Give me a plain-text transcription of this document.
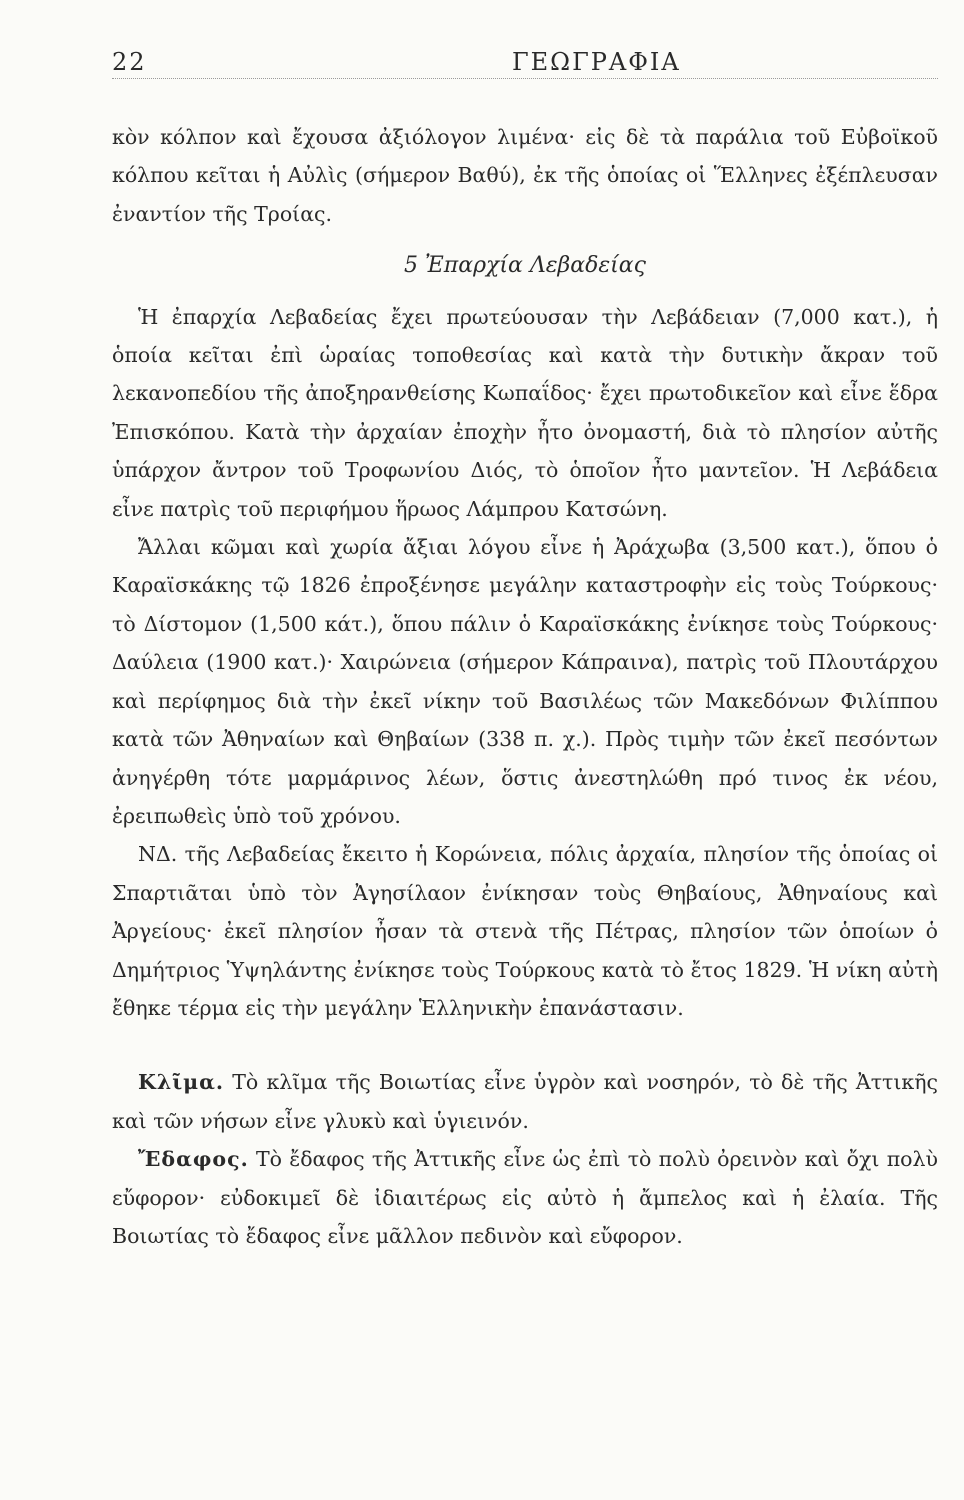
22	ΓΕΩΓΡΑΦΙΑ

κὸν κόλπον καὶ ἔχουσα ἀξιόλογον λιμένα· εἰς δὲ τὰ παράλια τοῦ Εὐβοϊκοῦ κόλπου κεῖται ἡ Αὐλὶς (σήμερον Βαθύ), ἐκ τῆς ὁποίας οἱ Ἕλληνες ἐξέπλευσαν ἐναντίον τῆς Τροίας.

5 Ἐπαρχία Λεβαδείας

Ἡ ἐπαρχία Λεβαδείας ἔχει πρωτεύουσαν τὴν Λεβάδειαν (7,000 κατ.), ἡ ὁποία κεῖται ἐπὶ ὡραίας τοποθεσίας καὶ κατὰ τὴν δυτικὴν ἄκραν τοῦ λεκανοπεδίου τῆς ἀποξηρανθείσης Κωπαΐδος· ἔχει πρωτοδικεῖον καὶ εἶνε ἕδρα Ἐπισκόπου. Κατὰ τὴν ἀρχαίαν ἐποχὴν ἦτο ὀνομαστή, διὰ τὸ πλησίον αὐτῆς ὑπάρχον ἄντρον τοῦ Τροφωνίου Διός, τὸ ὁποῖον ἦτο μαντεῖον. Ἡ Λεβάδεια εἶνε πατρὶς τοῦ περιφήμου ἥρωος Λάμπρου Κατσώνη.

Ἄλλαι κῶμαι καὶ χωρία ἄξιαι λόγου εἶνε ἡ Ἀράχωβα (3,500 κατ.), ὅπου ὁ Καραϊσκάκης τῷ 1826 ἐπροξένησε μεγάλην καταστροφὴν εἰς τοὺς Τούρκους· τὸ Δίστομον (1,500 κάτ.), ὅπου πάλιν ὁ Καραϊσκάκης ἐνίκησε τοὺς Τούρκους· Δαύλεια (1900 κατ.)· Χαιρώνεια (σήμερον Κάπραινα), πατρὶς τοῦ Πλουτάρχου καὶ περίφημος διὰ τὴν ἐκεῖ νίκην τοῦ Βασιλέως τῶν Μακεδόνων Φιλίππου κατὰ τῶν Ἀθηναίων καὶ Θηβαίων (338 π. χ.). Πρὸς τιμὴν τῶν ἐκεῖ πεσόντων ἀνηγέρθη τότε μαρμάρινος λέων, ὅστις ἀνεστηλώθη πρό τινος ἐκ νέου, ἐρειπωθεὶς ὑπὸ τοῦ χρόνου.

ΝΔ. τῆς Λεβαδείας ἔκειτο ἡ Κορώνεια, πόλις ἀρχαία, πλησίον τῆς ὁποίας οἱ Σπαρτιᾶται ὑπὸ τὸν Ἀγησίλαον ἐνίκησαν τοὺς Θηβαίους, Ἀθηναίους καὶ Ἀργείους· ἐκεῖ πλησίον ἦσαν τὰ στενὰ τῆς Πέτρας, πλησίον τῶν ὁποίων ὁ Δημήτριος Ὑψηλάντης ἐνίκησε τοὺς Τούρκους κατὰ τὸ ἔτος 1829. Ἡ νίκη αὐτὴ ἔθηκε τέρμα εἰς τὴν μεγάλην Ἑλληνικὴν ἐπανάστασιν.

Κλῖμα. Τὸ κλῖμα τῆς Βοιωτίας εἶνε ὑγρὸν καὶ νοσηρόν, τὸ δὲ τῆς Ἀττικῆς καὶ τῶν νήσων εἶνε γλυκὺ καὶ ὑγιεινόν.

Ἔδαφος. Τὸ ἔδαφος τῆς Ἀττικῆς εἶνε ὡς ἐπὶ τὸ πολὺ ὀρεινὸν καὶ ὄχι πολὺ εὔφορον· εὐδοκιμεῖ δὲ ἰδιαιτέρως εἰς αὐτὸ ἡ ἄμπελος καὶ ἡ ἐλαία. Τῆς Βοιωτίας τὸ ἔδαφος εἶνε μᾶλλον πεδινὸν καὶ εὔφορον.
